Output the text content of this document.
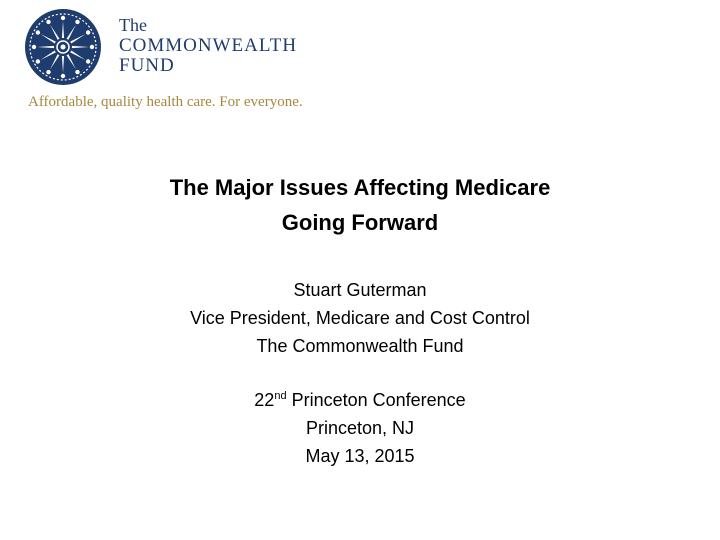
The
COMMONWEALTH
FUND
Affordable, quality health care. For everyone.
The Major Issues Affecting Medicare
Going Forward
Stuart Guterman
Vice President, Medicare and Cost Control
The Commonwealth Fund
22nd Princeton Conference
Princeton, NJ
May 13, 2015
